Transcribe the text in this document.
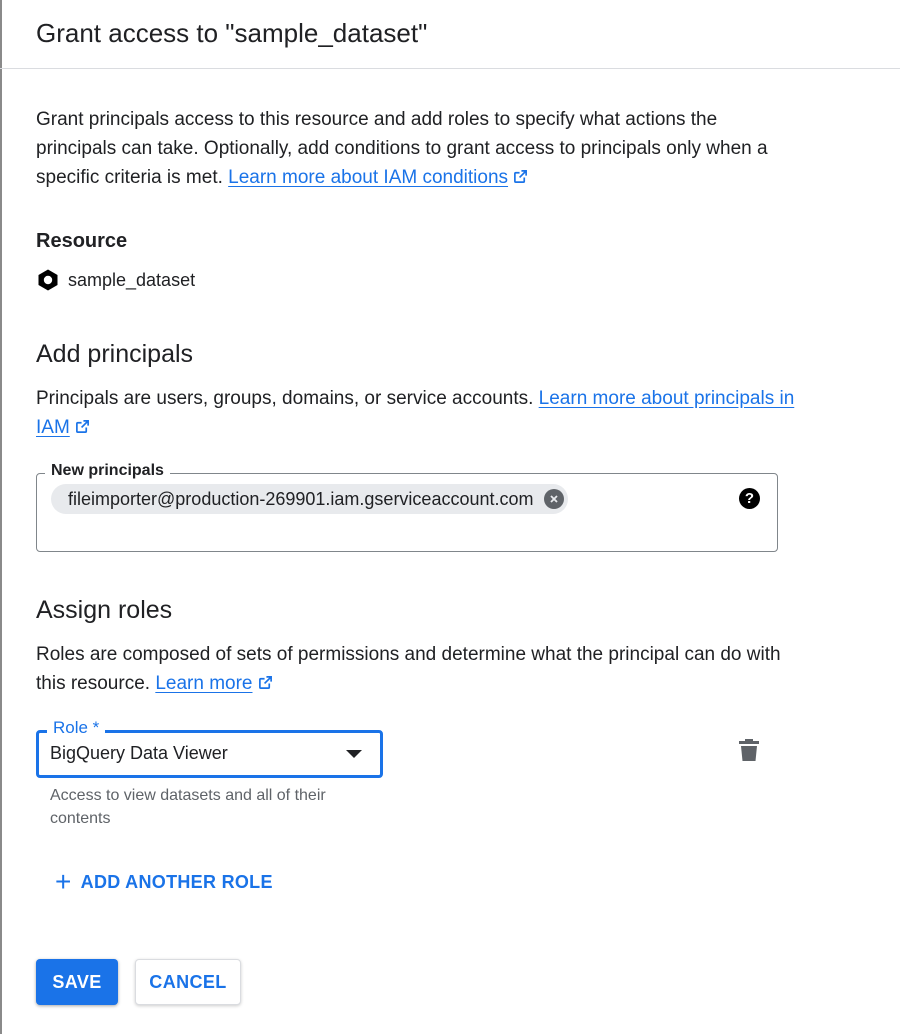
Grant access to "sample_dataset"
Grant principals access to this resource and add roles to specify what actions the principals can take. Optionally, add conditions to grant access to principals only when a specific criteria is met. Learn more about IAM conditions
Resource
sample_dataset
Add principals
Principals are users, groups, domains, or service accounts. Learn more about principals in IAM
New principals
fileimporter@production-269901.iam.gserviceaccount.com	?
Assign roles
Roles are composed of sets of permissions and determine what the principal can do with this resource. Learn more
Role *
BigQuery Data Viewer
Access to view datasets and all of their contents
+ ADD ANOTHER ROLE
SAVE	CANCEL
